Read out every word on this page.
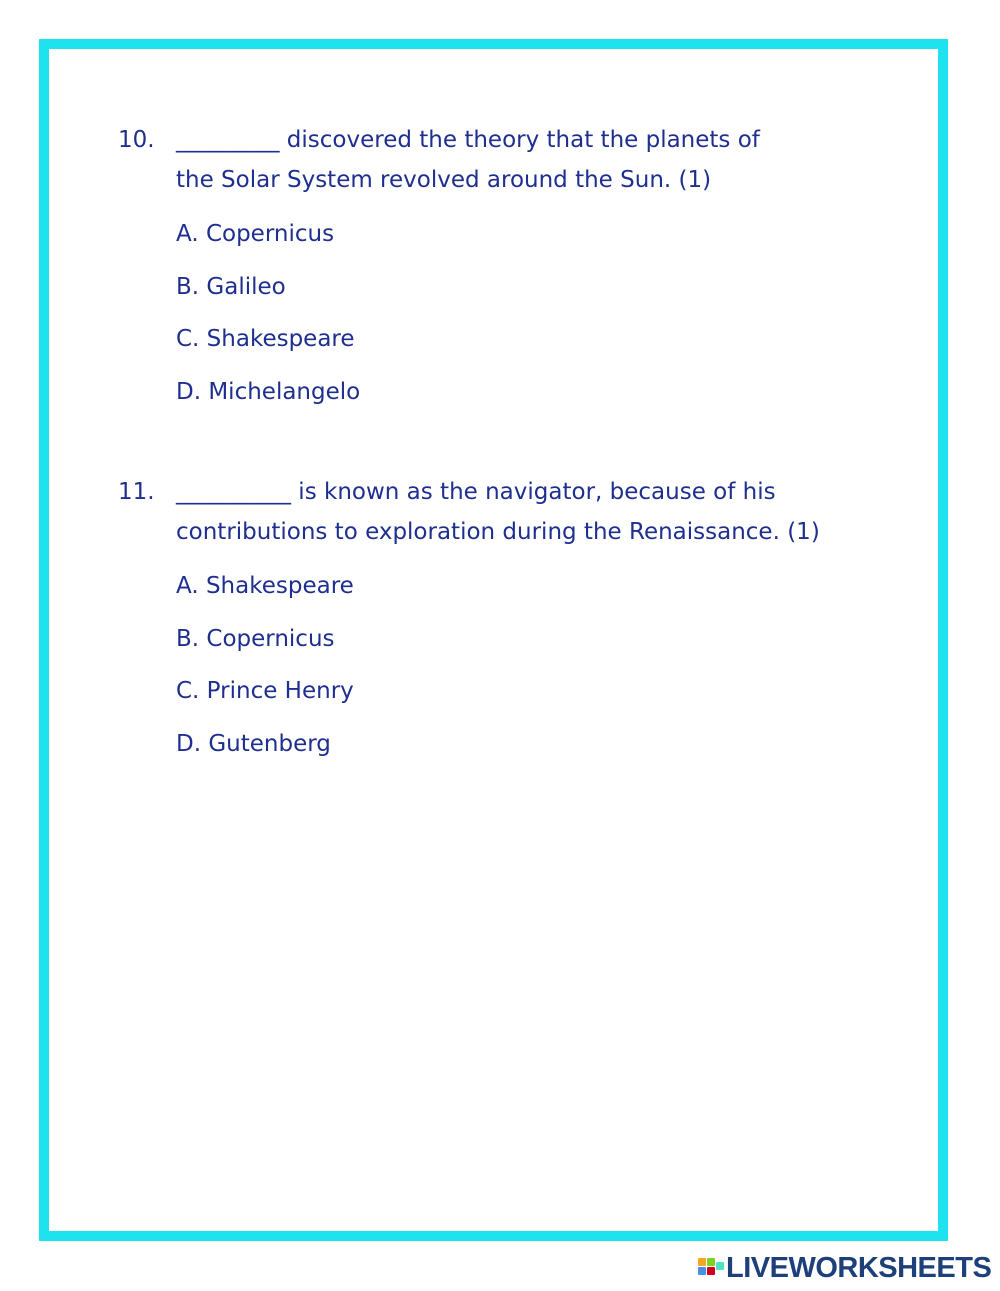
10. _________ discovered the theory that the planets of
the Solar System revolved around the Sun. (1)
A. Copernicus
B. Galileo
C. Shakespeare
D. Michelangelo
11. __________ is known as the navigator, because of his
contributions to exploration during the Renaissance. (1)
A. Shakespeare
B. Copernicus
C. Prince Henry
D. Gutenberg
LIVEWORKSHEETS
